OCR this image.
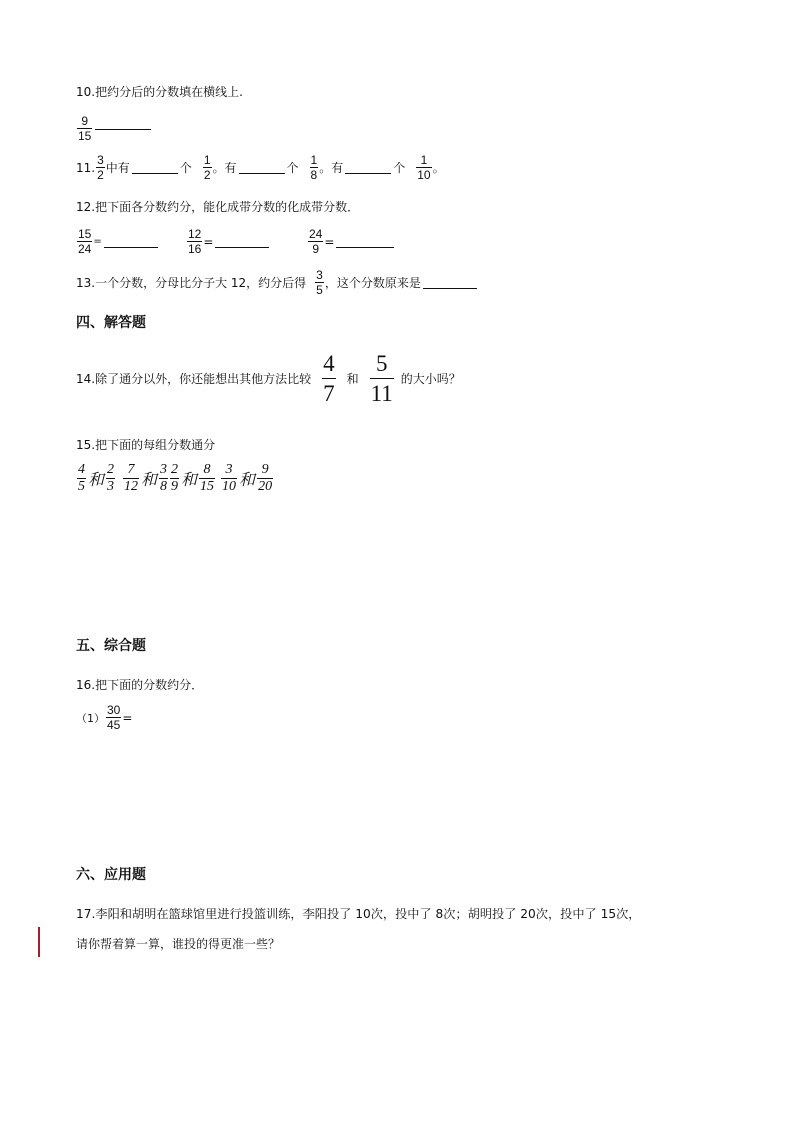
10.把约分后的分数填在横线上.
$\frac{9}{15}$
11. $\frac{3}{2}$ 中有	个 $\frac{1}{2}$ 。有	个 $\frac{1}{8}$ 。有	个 $\frac{1}{10}$ 。
12.把下面各分数约分，能化成带分数的化成带分数．
$\frac{15}{24}$ =	$\frac{12}{16}$ =	$\frac{24}{9}$ =
13.一个分数，分母比分子大 12，约分后得 $\frac{3}{5}$ ，这个分数原来是
四、解答题
14.除了通分以外，你还能想出其他方法比较 $\frac{4}{7}$ 和 $\frac{5}{11}$ 的大小吗？
15.把下面的每组分数通分
$\frac{4}{5}$ 和 $\frac{2}{3} \frac{7}{12}$ 和 $\frac{3}{8} \frac{2}{9}$ 和 $\frac{8}{15} \frac{3}{10}$ 和 $\frac{9}{20}$
五、综合题
16.把下面的分数约分．
$(1) \frac{30}{45}$ =
六、应用题
17.李阳和胡明在篮球馆里进行投篮训练，李阳投了 10次，投中了 8次；胡明投了 20次，投中了 15次，
请你帮着算一算，谁投的得更准一些？
